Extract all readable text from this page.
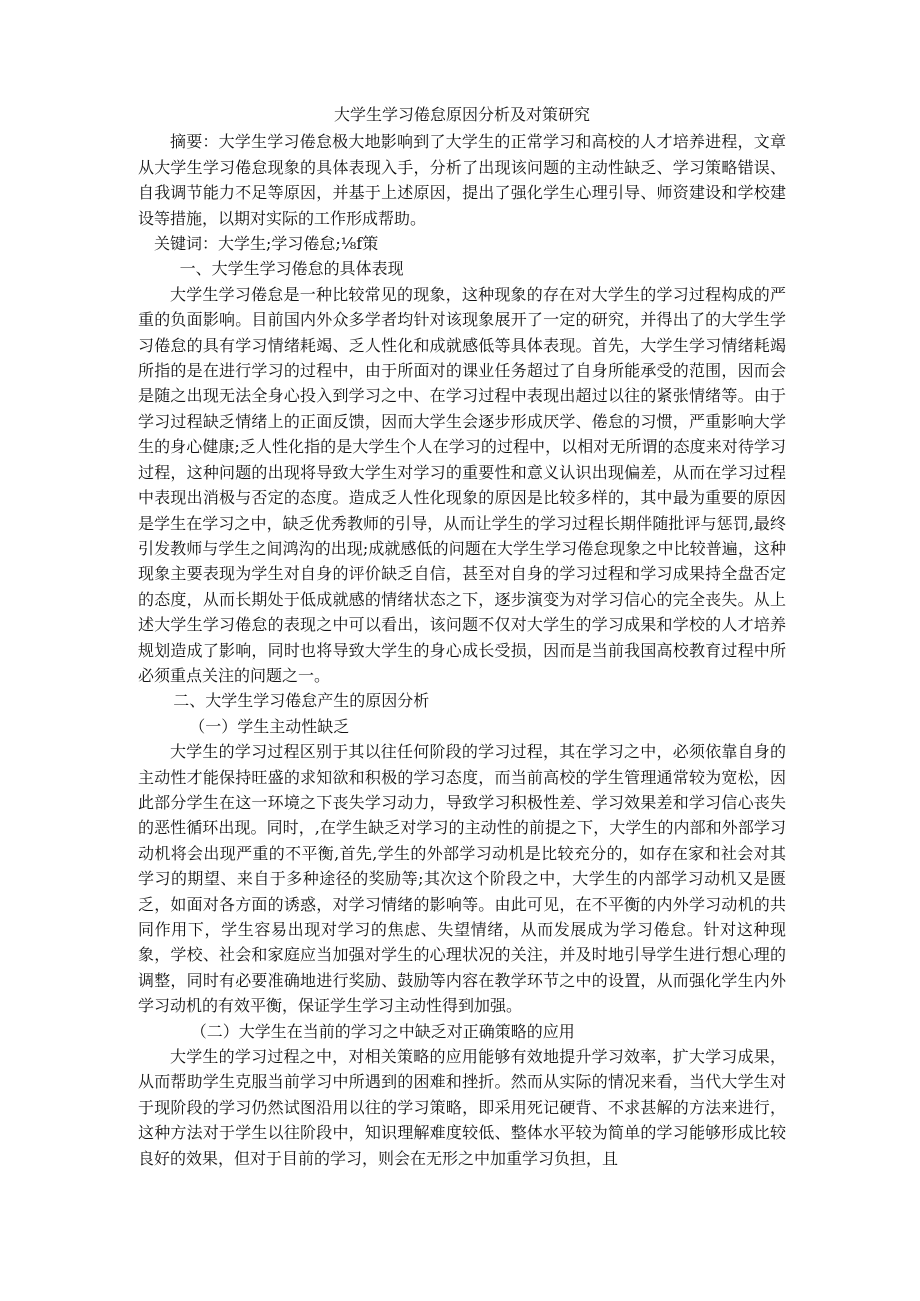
大学生学习倦怠原因分析及对策研究

摘要：大学生学习倦怠极大地影响到了大学生的正常学习和高校的人才培养进程，文章从大学生学习倦怠现象的具体表现入手，分析了出现该问题的主动性缺乏、学习策略错误、自我调节能力不足等原因，并基于上述原因，提出了强化学生心理引导、师资建设和学校建设等措施，以期对实际的工作形成帮助。

关键词：大学生;学习倦怠;⅛f策

一、大学生学习倦怠的具体表现

大学生学习倦怠是一种比较常见的现象，这种现象的存在对大学生的学习过程构成的严重的负面影响。目前国内外众多学者均针对该现象展开了一定的研究，并得出了的大学生学习倦怠的具有学习情绪耗竭、乏人性化和成就感低等具体表现。首先，大学生学习情绪耗竭所指的是在进行学习的过程中，由于所面对的课业任务超过了自身所能承受的范围，因而会是随之出现无法全身心投入到学习之中、在学习过程中表现出超过以往的紧张情绪等。由于学习过程缺乏情绪上的正面反馈，因而大学生会逐步形成厌学、倦怠的习惯，严重影响大学生的身心健康;乏人性化指的是大学生个人在学习的过程中，以相对无所谓的态度来对待学习过程，这种问题的出现将导致大学生对学习的重要性和意义认识出现偏差，从而在学习过程中表现出消极与否定的态度。造成乏人性化现象的原因是比较多样的，其中最为重要的原因是学生在学习之中，缺乏优秀教师的引导，从而让学生的学习过程长期伴随批评与惩罚,最终引发教师与学生之间鸿沟的出现;成就感低的问题在大学生学习倦怠现象之中比较普遍，这种现象主要表现为学生对自身的评价缺乏自信，甚至对自身的学习过程和学习成果持全盘否定的态度，从而长期处于低成就感的情绪状态之下，逐步演变为对学习信心的完全丧失。从上述大学生学习倦怠的表现之中可以看出，该问题不仅对大学生的学习成果和学校的人才培养规划造成了影响，同时也将导致大学生的身心成长受损，因而是当前我国高校教育过程中所必须重点关注的问题之一。

二、大学生学习倦怠产生的原因分析

（一）学生主动性缺乏

大学生的学习过程区别于其以往任何阶段的学习过程，其在学习之中，必须依靠自身的主动性才能保持旺盛的求知欲和积极的学习态度，而当前高校的学生管理通常较为宽松，因此部分学生在这一环境之下丧失学习动力，导致学习积极性差、学习效果差和学习信心丧失的恶性循环出现。同时，,在学生缺乏对学习的主动性的前提之下，大学生的内部和外部学习动机将会出现严重的不平衡,首先,学生的外部学习动机是比较充分的，如存在家和社会对其学习的期望、来自于多种途径的奖励等;其次这个阶段之中，大学生的内部学习动机又是匮乏，如面对各方面的诱惑，对学习情绪的影响等。由此可见，在不平衡的内外学习动机的共同作用下，学生容易出现对学习的焦虑、失望情绪，从而发展成为学习倦怠。针对这种现象，学校、社会和家庭应当加强对学生的心理状况的关注，并及时地引导学生进行想心理的调整，同时有必要准确地进行奖励、鼓励等内容在教学环节之中的设置，从而强化学生内外学习动机的有效平衡，保证学生学习主动性得到加强。

（二）大学生在当前的学习之中缺乏对正确策略的应用

大学生的学习过程之中，对相关策略的应用能够有效地提升学习效率，扩大学习成果，从而帮助学生克服当前学习中所遇到的困难和挫折。然而从实际的情况来看，当代大学生对于现阶段的学习仍然试图沿用以往的学习策略，即采用死记硬背、不求甚解的方法来进行，这种方法对于学生以往阶段中，知识理解难度较低、整体水平较为简单的学习能够形成比较良好的效果，但对于目前的学习，则会在无形之中加重学习负担，且
